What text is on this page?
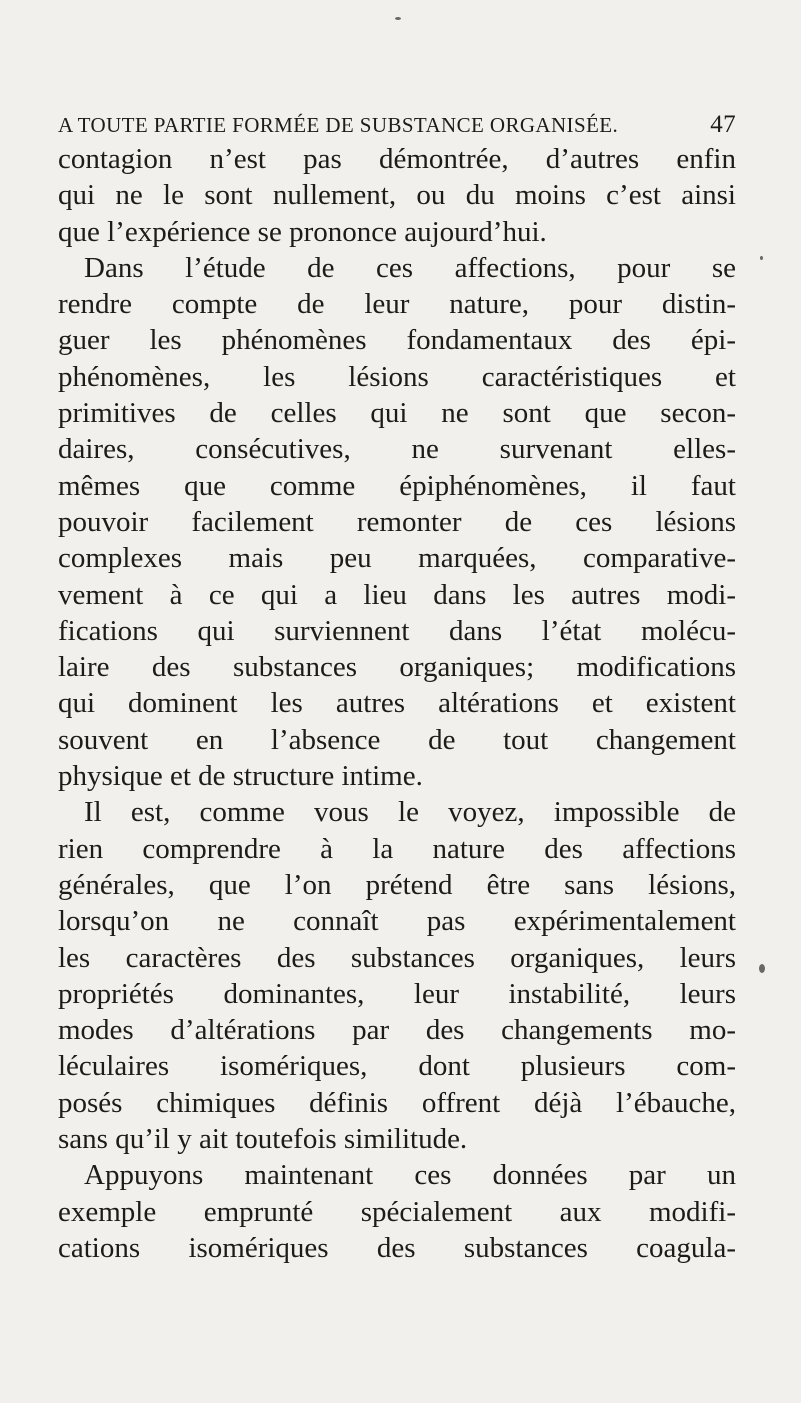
A TOUTE PARTIE FORMÉE DE SUBSTANCE ORGANISÉE.	47
contagion n’est pas démontrée, d’autres enfin
qui ne le sont nullement, ou du moins c’est ainsi
que l’expérience se prononce aujourd’hui.
Dans l’étude de ces affections, pour se
rendre compte de leur nature, pour distin-
guer les phénomènes fondamentaux des épi-
phénomènes, les lésions caractéristiques et
primitives de celles qui ne sont que secon-
daires, consécutives, ne survenant elles-
mêmes que comme épiphénomènes, il faut
pouvoir facilement remonter de ces lésions
complexes mais peu marquées, comparative-
vement à ce qui a lieu dans les autres modi-
fications qui surviennent dans l’état molécu-
laire des substances organiques; modifications
qui dominent les autres altérations et existent
souvent en l’absence de tout changement
physique et de structure intime.
Il est, comme vous le voyez, impossible de
rien comprendre à la nature des affections
générales, que l’on prétend être sans lésions,
lorsqu’on ne connaît pas expérimentalement
les caractères des substances organiques, leurs
propriétés dominantes, leur instabilité, leurs
modes d’altérations par des changements mo-
léculaires isomériques, dont plusieurs com-
posés chimiques définis offrent déjà l’ébauche,
sans qu’il y ait toutefois similitude.
Appuyons maintenant ces données par un
exemple emprunté spécialement aux modifi-
cations isomériques des substances coagula-
